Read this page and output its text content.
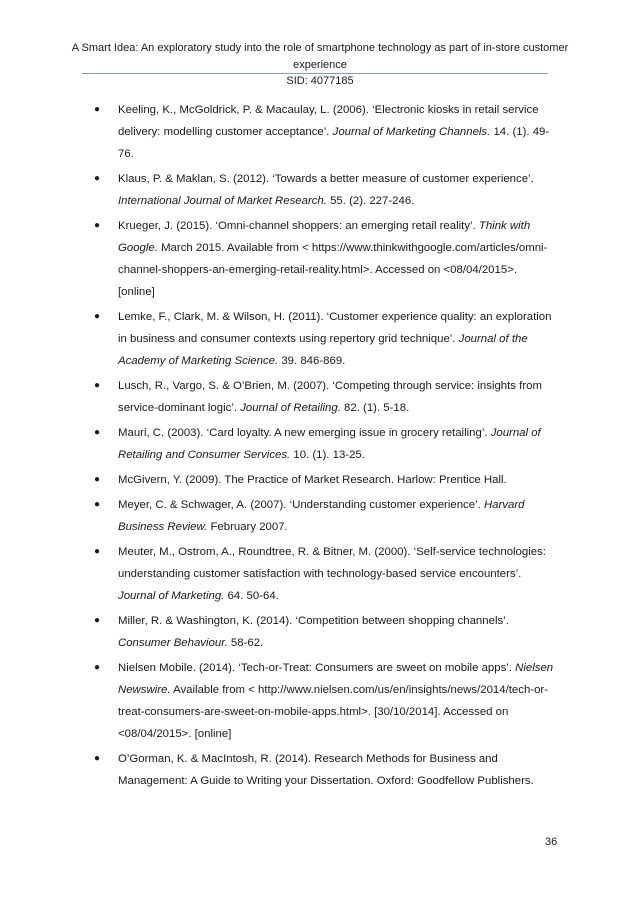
A Smart Idea: An exploratory study into the role of smartphone technology as part of in-store customer experience
SID: 4077185
● Keeling, K., McGoldrick, P. & Macaulay, L. (2006). ‘Electronic kiosks in retail service delivery: modelling customer acceptance’. Journal of Marketing Channels. 14. (1). 49-76.
● Klaus, P. & Maklan, S. (2012). ‘Towards a better measure of customer experience’. International Journal of Market Research. 55. (2). 227-246.
● Krueger, J. (2015). ‘Omni-channel shoppers: an emerging retail reality’. Think with Google. March 2015. Available from < https://www.thinkwithgoogle.com/articles/omni-channel-shoppers-an-emerging-retail-reality.html>. Accessed on <08/04/2015>. [online]
● Lemke, F., Clark, M. & Wilson, H. (2011). ‘Customer experience quality: an exploration in business and consumer contexts using repertory grid technique’. Journal of the Academy of Marketing Science. 39. 846-869.
● Lusch, R., Vargo, S. & O’Brien, M. (2007). ‘Competing through service: insights from service-dominant logic’. Journal of Retailing. 82. (1). 5-18.
● Mauri, C. (2003). ‘Card loyalty. A new emerging issue in grocery retailing’. Journal of Retailing and Consumer Services. 10. (1). 13-25.
● McGivern, Y. (2009). The Practice of Market Research. Harlow: Prentice Hall.
● Meyer, C. & Schwager, A. (2007). ‘Understanding customer experience’. Harvard Business Review. February 2007.
● Meuter, M., Ostrom, A., Roundtree, R. & Bitner, M. (2000). ‘Self-service technologies: understanding customer satisfaction with technology-based service encounters’. Journal of Marketing. 64. 50-64.
● Miller, R. & Washington, K. (2014). ‘Competition between shopping channels’. Consumer Behaviour. 58-62.
● Nielsen Mobile. (2014). ‘Tech-or-Treat: Consumers are sweet on mobile apps’. Nielsen Newswire. Available from < http://www.nielsen.com/us/en/insights/news/2014/tech-or-treat-consumers-are-sweet-on-mobile-apps.html>. [30/10/2014]. Accessed on <08/04/2015>. [online]
● O’Gorman, K. & MacIntosh, R. (2014). Research Methods for Business and Management: A Guide to Writing your Dissertation. Oxford: Goodfellow Publishers.
36
